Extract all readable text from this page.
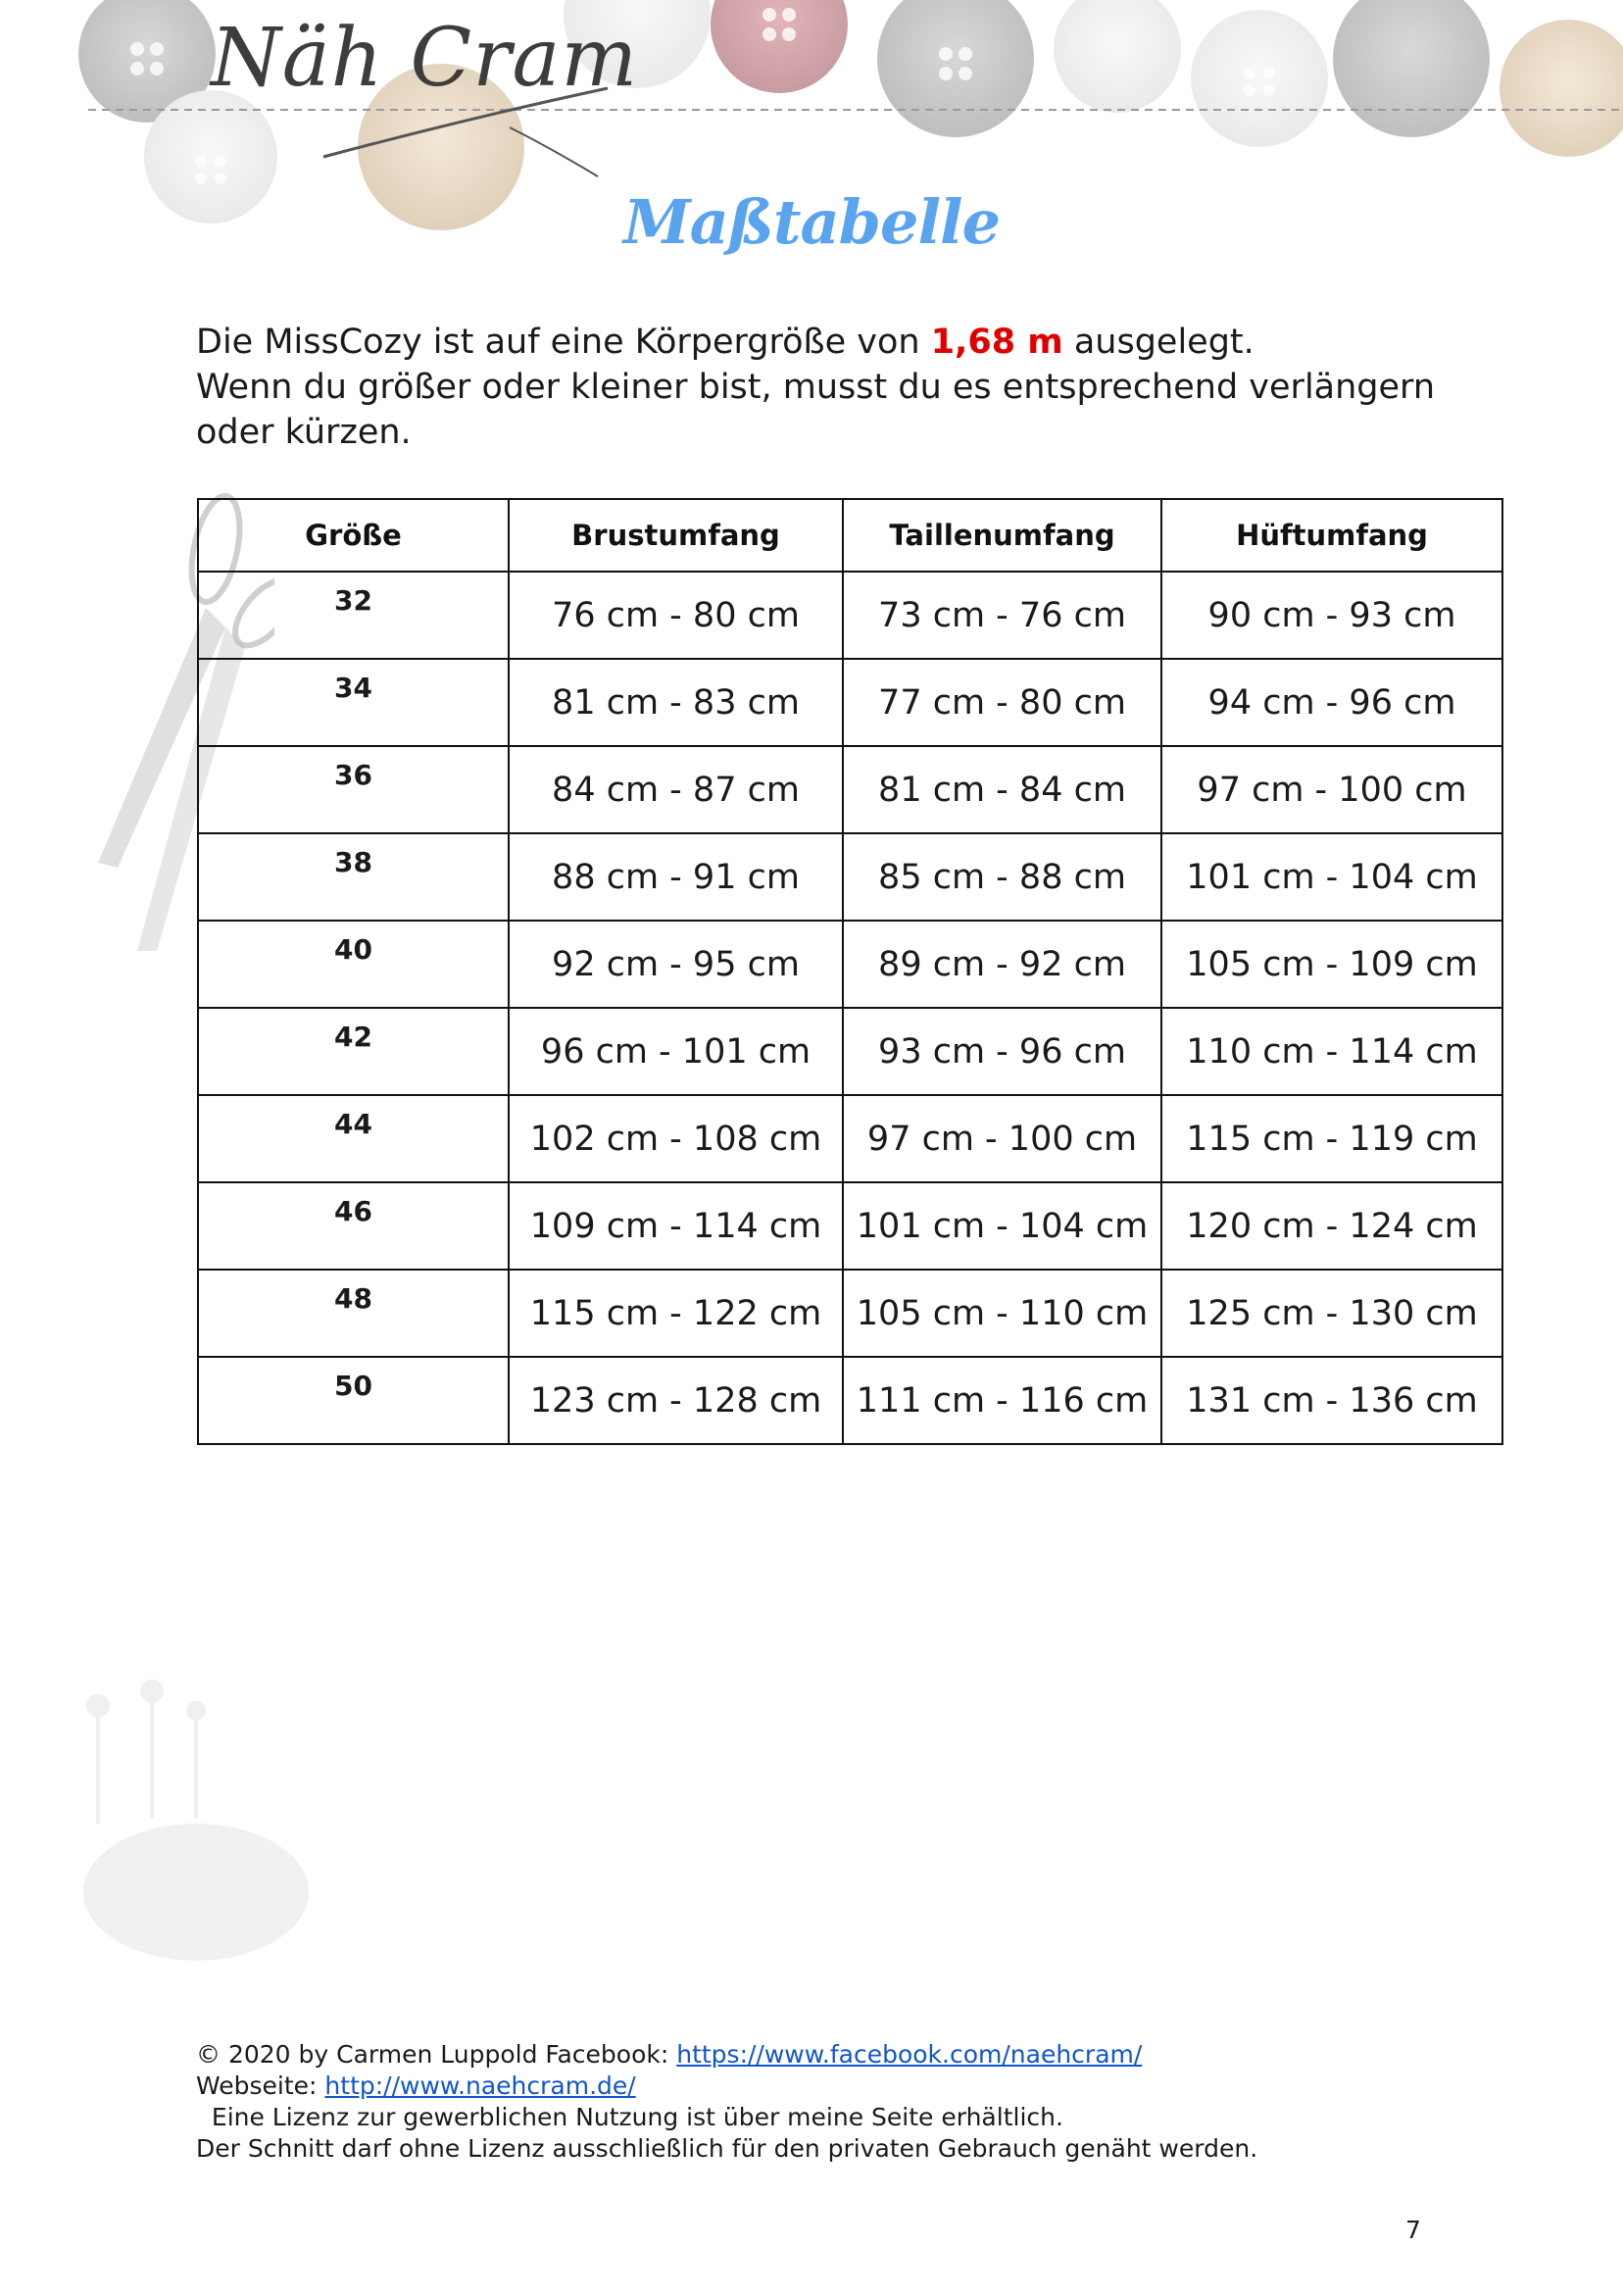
Näh Cram
Maßtabelle
Die MissCozy ist auf eine Körpergröße von 1,68 m ausgelegt.
Wenn du größer oder kleiner bist, musst du es entsprechend verlängern oder kürzen.
Größe	Brustumfang	Taillenumfang	Hüftumfang
32	76 cm - 80 cm	73 cm - 76 cm	90 cm - 93 cm
34	81 cm - 83 cm	77 cm - 80 cm	94 cm - 96 cm
36	84 cm - 87 cm	81 cm - 84 cm	97 cm - 100 cm
38	88 cm - 91 cm	85 cm - 88 cm	101 cm - 104 cm
40	92 cm - 95 cm	89 cm - 92 cm	105 cm - 109 cm
42	96 cm - 101 cm	93 cm - 96 cm	110 cm - 114 cm
44	102 cm - 108 cm	97 cm - 100 cm	115 cm - 119 cm
46	109 cm - 114 cm	101 cm - 104 cm	120 cm - 124 cm
48	115 cm - 122 cm	105 cm - 110 cm	125 cm - 130 cm
50	123 cm - 128 cm	111 cm - 116 cm	131 cm - 136 cm
© 2020 by Carmen Luppold Facebook: https://www.facebook.com/naehcram/
Webseite: http://www.naehcram.de/  Eine Lizenz zur gewerblichen Nutzung ist über meine Seite erhältlich.
Der Schnitt darf ohne Lizenz ausschließlich für den privaten Gebrauch genäht werden.
7
